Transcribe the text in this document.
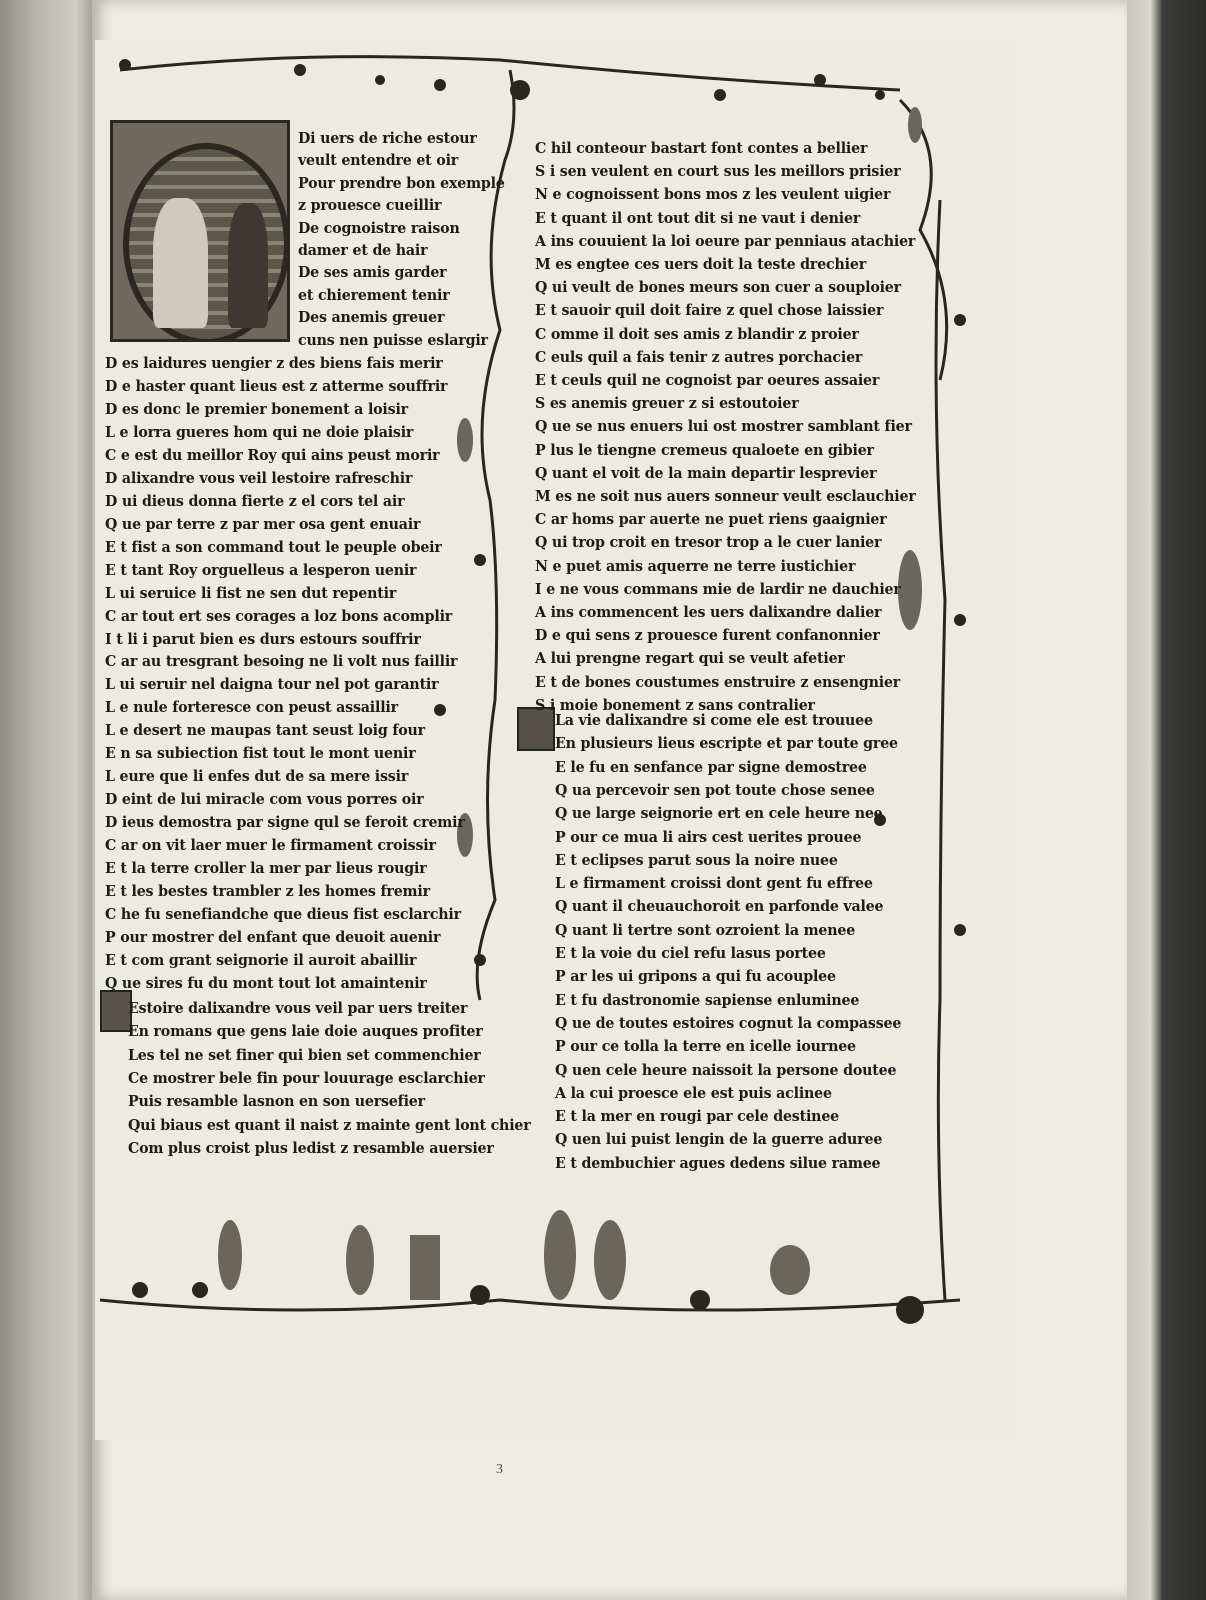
Di uers de riche estour
veult entendre et oir
Pour prendre bon exemple
z prouesce cueillir
De cognoistre raison
damer et de hair
De ses amis garder
et chierement tenir
Des anemis greuer
cuns nen puisse eslargir
D es laidures uengier z des biens fais merir
D e haster quant lieus est z atterme souffrir
D es donc le premier bonement a loisir
L e lorra gueres hom qui ne doie plaisir
C e est du meillor Roy qui ains peust morir
D alixandre vous veil lestoire rafreschir
D ui dieus donna fierte z el cors tel air
Q ue par terre z par mer osa gent enuair
E t fist a son command tout le peuple obeir
E t tant Roy orguelleus a lesperon uenir
L ui seruice li fist ne sen dut repentir
C ar tout ert ses corages a loz bons acomplir
I t li i parut bien es durs estours souffrir
C ar au tresgrant besoing ne li volt nus faillir
L ui seruir nel daigna tour nel pot garantir
L e nule forteresce con peust assaillir
L e desert ne maupas tant seust loig four
E n sa subiection fist tout le mont uenir
L eure que li enfes dut de sa mere issir
D eint de lui miracle com vous porres oir
D ieus demostra par signe qul se feroit cremir
C ar on vit laer muer le firmament croissir
E t la terre croller la mer par lieus rougir
E t les bestes trambler z les homes fremir
C he fu senefiandche que dieus fist esclarchir
P our mostrer del enfant que deuoit auenir
E t com grant seignorie il auroit abaillir
Q ue sires fu du mont tout lot amaintenir
Estoire dalixandre vous veil par uers treiter
En romans que gens laie doie auques profiter
Les tel ne set finer qui bien set commenchier
Ce mostrer bele fin pour louurage esclarchier
Puis resamble lasnon en son uersefier
Qui biaus est quant il naist z mainte gent lont chier
Com plus croist plus ledist z resamble auersier
C hil conteour bastart font contes a bellier
S i sen veulent en court sus les meillors prisier
N e cognoissent bons mos z les veulent uigier
E t quant il ont tout dit si ne vaut i denier
A ins couuient la loi oeure par penniaus atachier
M es engtee ces uers doit la teste drechier
Q ui veult de bones meurs son cuer a souploier
E t sauoir quil doit faire z quel chose laissier
C omme il doit ses amis z blandir z proier
C euls quil a fais tenir z autres porchacier
E t ceuls quil ne cognoist par oeures assaier
S es anemis greuer z si estoutoier
Q ue se nus enuers lui ost mostrer samblant fier
P lus le tiengne cremeus qualoete en gibier
Q uant el voit de la main departir lesprevier
M es ne soit nus auers sonneur veult esclauchier
C ar homs par auerte ne puet riens gaaignier
Q ui trop croit en tresor trop a le cuer lanier
N e puet amis aquerre ne terre iustichier
I e ne vous commans mie de lardir ne dauchier
A ins commencent les uers dalixandre dalier
D e qui sens z prouesce furent confanonnier
A lui prengne regart qui se veult afetier
E t de bones coustumes enstruire z ensengnier
S i moie bonement z sans contralier
La vie dalixandre si come ele est trouuee
En plusieurs lieus escripte et par toute gree
E le fu en senfance par signe demostree
Q ua percevoir sen pot toute chose senee
Q ue large seignorie ert en cele heure nee
P our ce mua li airs cest uerites prouee
E t eclipses parut sous la noire nuee
L e firmament croissi dont gent fu effree
Q uant il cheuauchoroit en parfonde valee
Q uant li tertre sont ozroient la menee
E t la voie du ciel refu lasus portee
P ar les ui gripons a qui fu acouplee
E t fu dastronomie sapiense enluminee
Q ue de toutes estoires cognut la compassee
P our ce tolla la terre en icelle iournee
Q uen cele heure naissoit la persone doutee
A la cui proesce ele est puis aclinee
E t la mer en rougi par cele destinee
Q uen lui puist lengin de la guerre aduree
E t dembuchier agues dedens silue ramee
3
